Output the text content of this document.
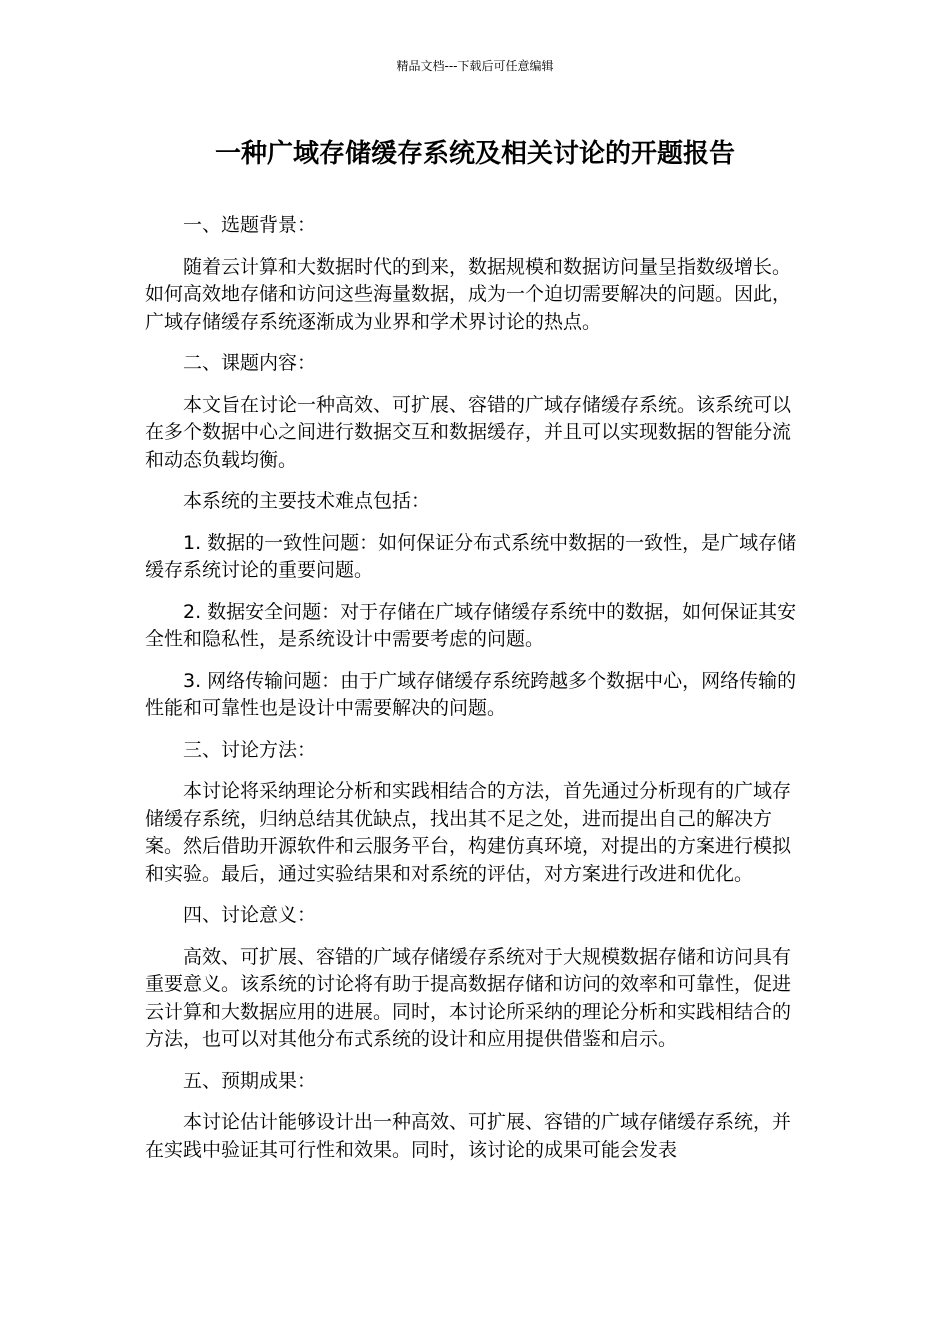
精品文档---下载后可任意编辑
一种广域存储缓存系统及相关讨论的开题报告

一、选题背景：

随着云计算和大数据时代的到来，数据规模和数据访问量呈指数级增长。如何高效地存储和访问这些海量数据，成为一个迫切需要解决的问题。因此，广域存储缓存系统逐渐成为业界和学术界讨论的热点。

二、课题内容：

本文旨在讨论一种高效、可扩展、容错的广域存储缓存系统。该系统可以在多个数据中心之间进行数据交互和数据缓存，并且可以实现数据的智能分流和动态负载均衡。

本系统的主要技术难点包括：

1. 数据的一致性问题：如何保证分布式系统中数据的一致性，是广域存储缓存系统讨论的重要问题。

2. 数据安全问题：对于存储在广域存储缓存系统中的数据，如何保证其安全性和隐私性，是系统设计中需要考虑的问题。

3. 网络传输问题：由于广域存储缓存系统跨越多个数据中心，网络传输的性能和可靠性也是设计中需要解决的问题。

三、讨论方法：

本讨论将采纳理论分析和实践相结合的方法，首先通过分析现有的广域存储缓存系统，归纳总结其优缺点，找出其不足之处，进而提出自己的解决方案。然后借助开源软件和云服务平台，构建仿真环境，对提出的方案进行模拟和实验。最后，通过实验结果和对系统的评估，对方案进行改进和优化。

四、讨论意义：

高效、可扩展、容错的广域存储缓存系统对于大规模数据存储和访问具有重要意义。该系统的讨论将有助于提高数据存储和访问的效率和可靠性，促进云计算和大数据应用的进展。同时，本讨论所采纳的理论分析和实践相结合的方法，也可以对其他分布式系统的设计和应用提供借鉴和启示。

五、预期成果：

本讨论估计能够设计出一种高效、可扩展、容错的广域存储缓存系统，并在实践中验证其可行性和效果。同时，该讨论的成果可能会发表
